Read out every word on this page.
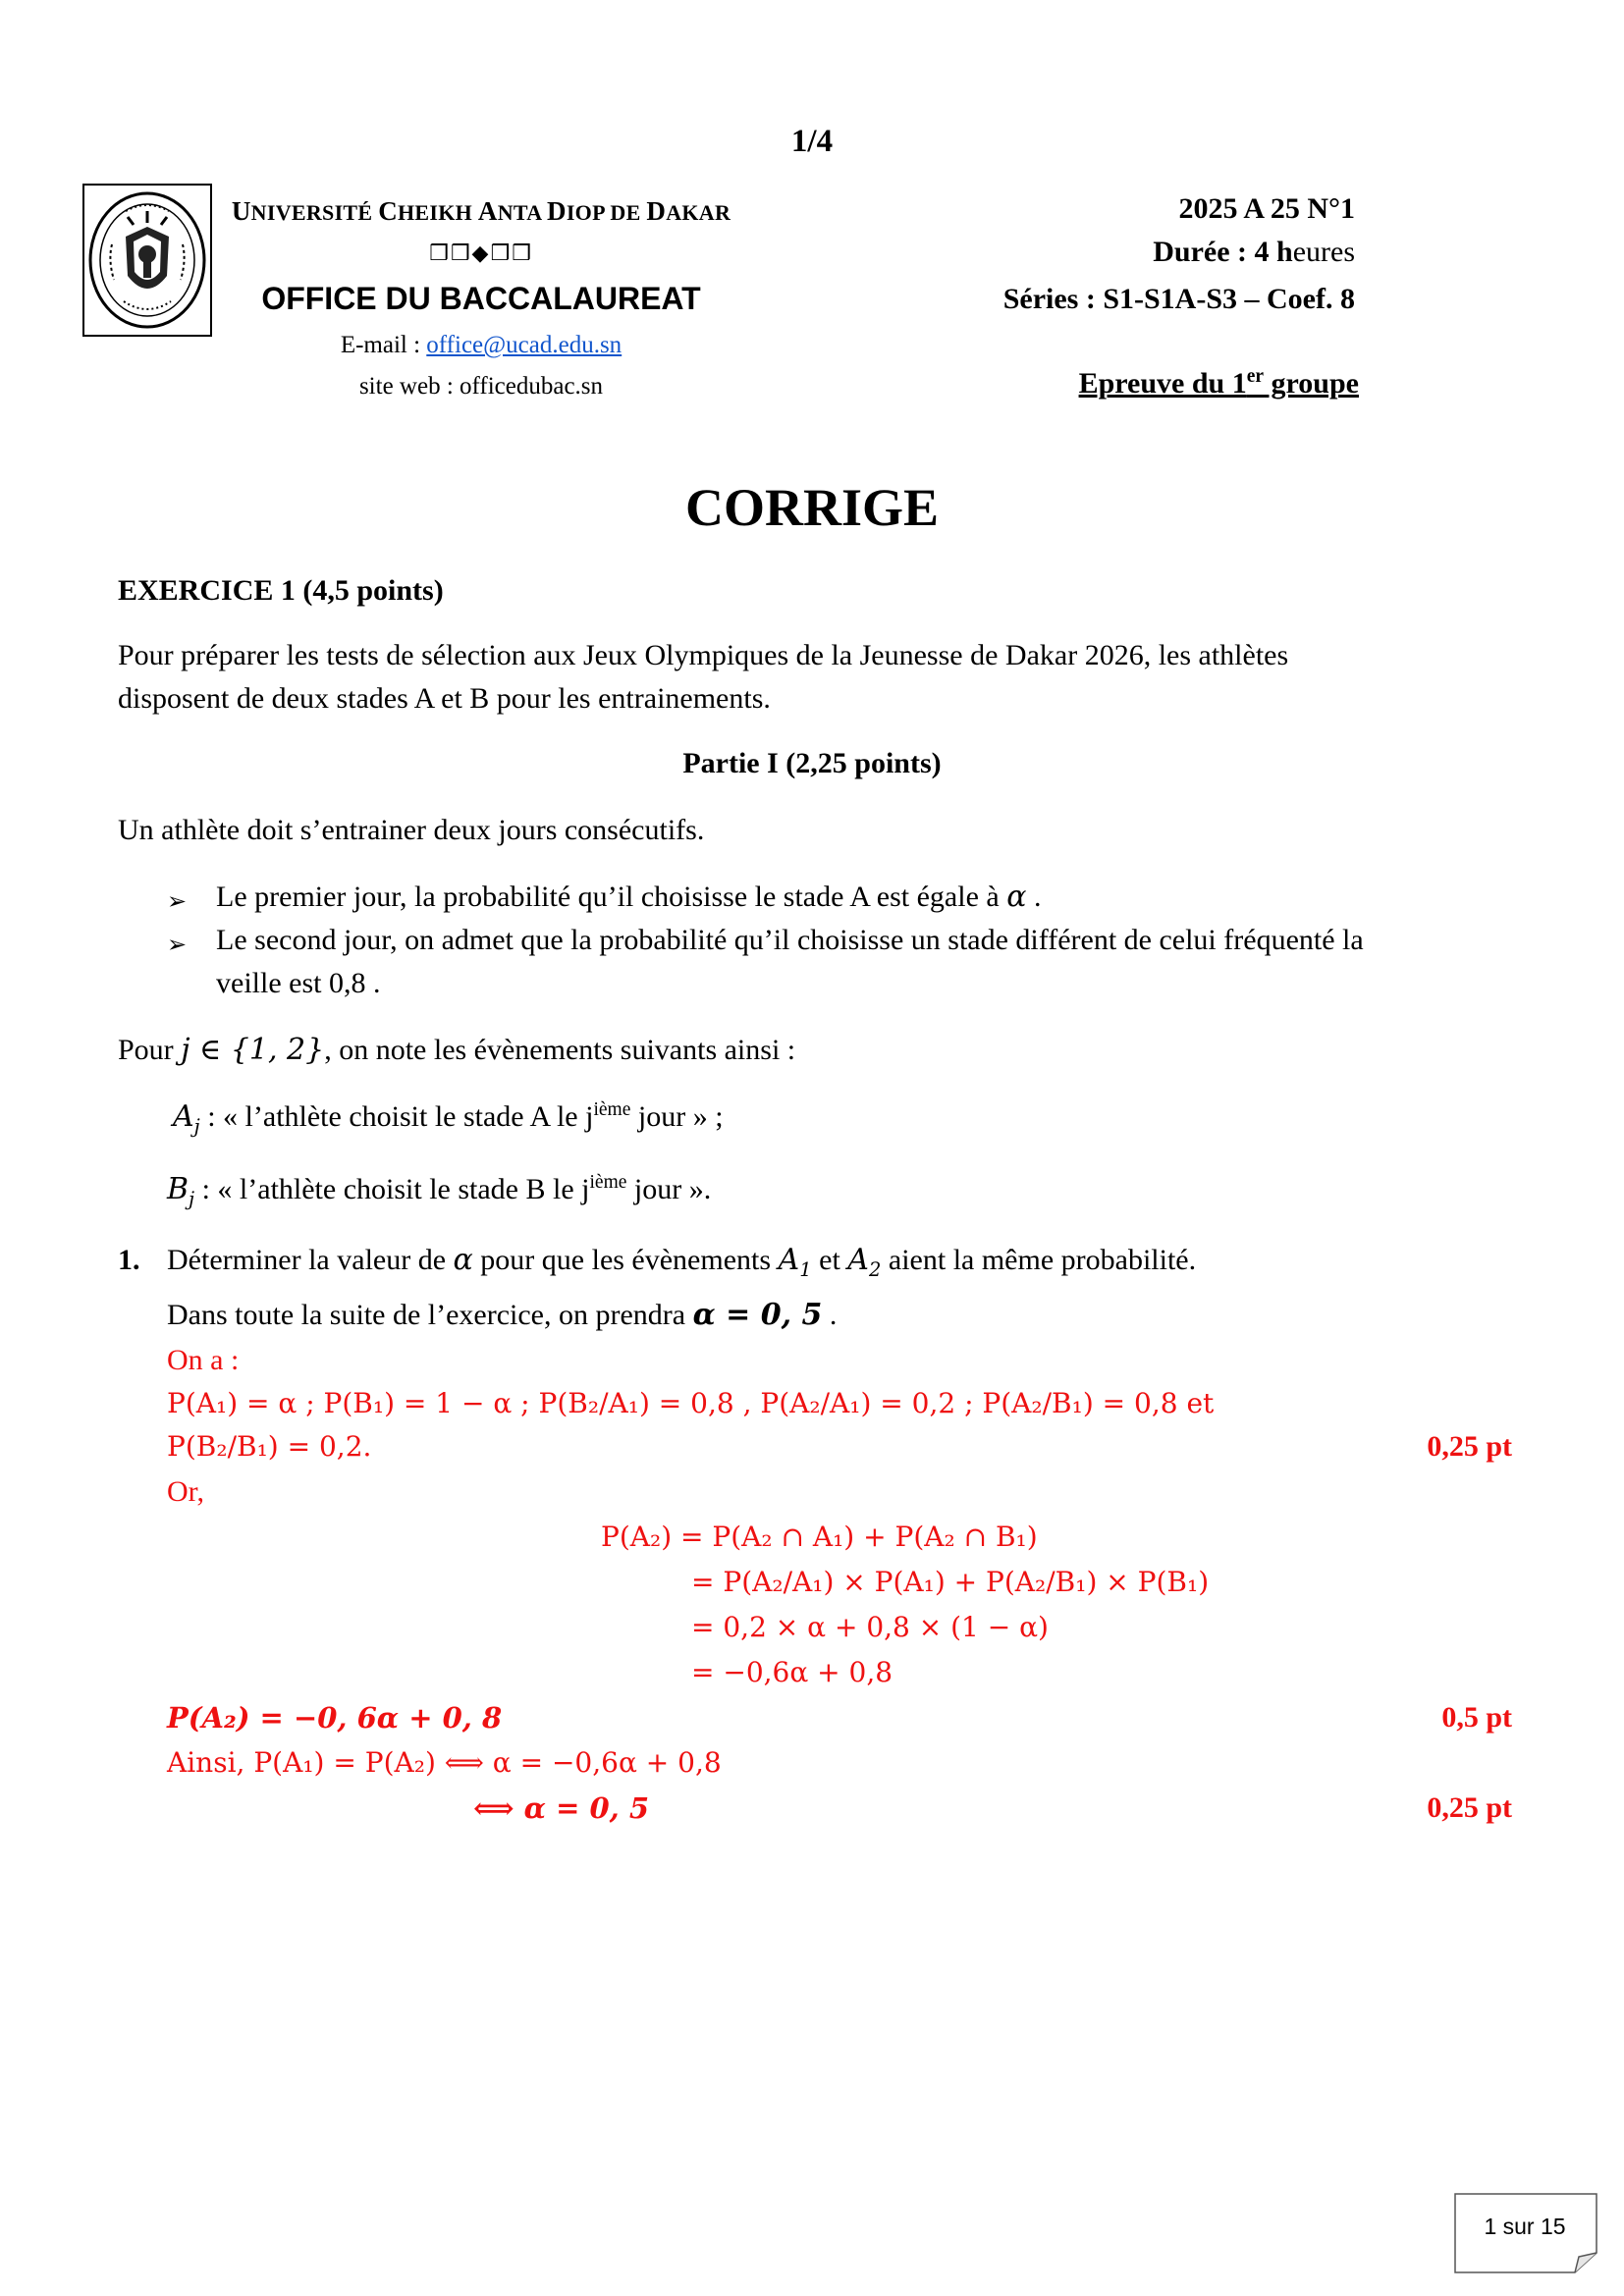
1/4
UNIVERSITÉ CHEIKH ANTA DIOP DE DAKAR
❒❒◆❒❒
OFFICE DU BACCALAUREAT
E-mail : office@ucad.edu.sn
site web : officedubac.sn
2025 A 25 N°1
Durée : 4 heures
Séries : S1-S1A-S3 – Coef. 8
Epreuve du 1er groupe
CORRIGE
EXERCICE 1 (4,5 points)
Pour préparer les tests de sélection aux Jeux Olympiques de la Jeunesse de Dakar 2026, les athlètes
disposent de deux stades A et B pour les entrainements.
Partie I (2,25 points)
Un athlète doit s’entrainer deux jours consécutifs.
➢ Le premier jour, la probabilité qu’il choisisse le stade A est égale à α .
➢ Le second jour, on admet que la probabilité qu’il choisisse un stade différent de celui fréquenté la
veille est 0,8 .
Pour j ∈ {1, 2}, on note les évènements suivants ainsi :
$A_j$ : « l’athlète choisit le stade A le $j^{ième}$ jour » ;
$B_j$ : « l’athlète choisit le stade B le $j^{ième}$ jour ».
1. Déterminer la valeur de α pour que les évènements $A_1$ et $A_2$ aient la même probabilité.
Dans toute la suite de l’exercice, on prendra α = 0, 5 .
On a :
P(A₁) = α ; P(B₁) = 1 − α ; P(B₂/A₁) = 0,8 , P(A₂/A₁) = 0,2 ; P(A₂/B₁) = 0,8 et
P(B₂/B₁) = 0,2.	0,25 pt
Or,
P(A₂) = P(A₂ ∩ A₁) + P(A₂ ∩ B₁)
= P(A₂/A₁) × P(A₁) + P(A₂/B₁) × P(B₁)
= 0,2 × α + 0,8 × (1 − α)
= −0,6α + 0,8
P(A₂) = −0, 6α + 0, 8	0,5 pt
Ainsi, P(A₁) = P(A₂) ⟺ α = −0,6α + 0,8
⟺ α = 0, 5	0,25 pt
1 sur 15
